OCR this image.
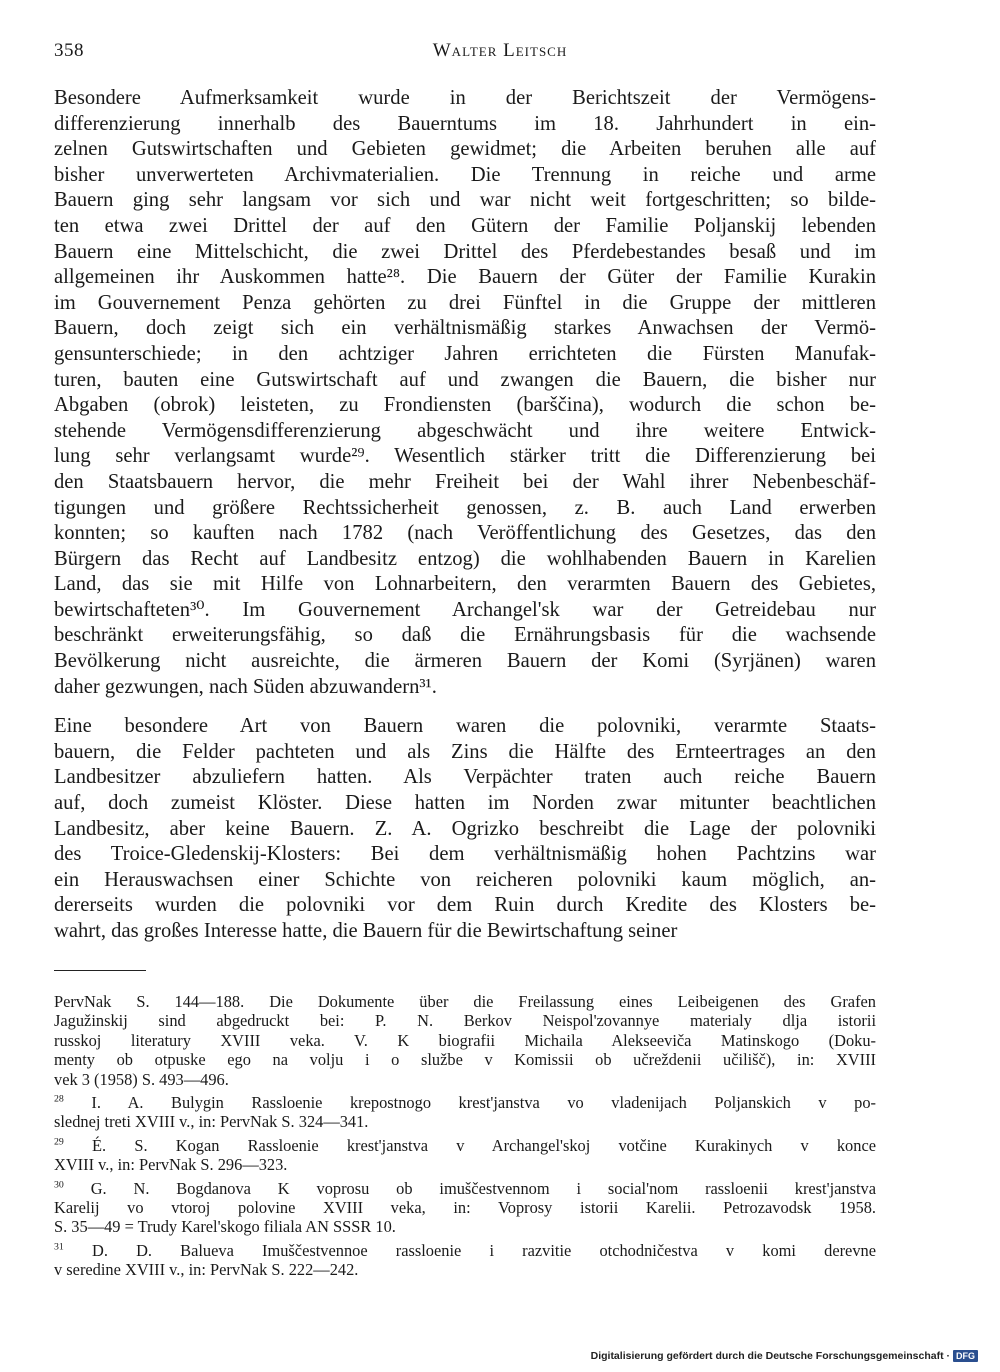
358	Walter Leitsch

Besondere Aufmerksamkeit wurde in der Berichtszeit der Vermögens-
differenzierung innerhalb des Bauerntums im 18. Jahrhundert in ein-
zelnen Gutswirtschaften und Gebieten gewidmet; die Arbeiten beruhen alle auf
bisher unverwerteten Archivmaterialien. Die Trennung in reiche und arme
Bauern ging sehr langsam vor sich und war nicht weit fortgeschritten; so bilde-
ten etwa zwei Drittel der auf den Gütern der Familie Poljanskij lebenden
Bauern eine Mittelschicht, die zwei Drittel des Pferdebestandes besaß und im
allgemeinen ihr Auskommen hatte²⁸. Die Bauern der Güter der Familie Kurakin
im Gouvernement Penza gehörten zu drei Fünftel in die Gruppe der mittleren
Bauern, doch zeigt sich ein verhältnismäßig starkes Anwachsen der Vermö-
gensunterschiede; in den achtziger Jahren errichteten die Fürsten Manufak-
turen, bauten eine Gutswirtschaft auf und zwangen die Bauern, die bisher nur
Abgaben (obrok) leisteten, zu Frondiensten (barščina), wodurch die schon be-
stehende Vermögensdifferenzierung abgeschwächt und ihre weitere Entwick-
lung sehr verlangsamt wurde²⁹. Wesentlich stärker tritt die Differenzierung bei
den Staatsbauern hervor, die mehr Freiheit bei der Wahl ihrer Nebenbeschäf-
tigungen und größere Rechtssicherheit genossen, z. B. auch Land erwerben
konnten; so kauften nach 1782 (nach Veröffentlichung des Gesetzes, das den
Bürgern das Recht auf Landbesitz entzog) die wohlhabenden Bauern in Karelien
Land, das sie mit Hilfe von Lohnarbeitern, den verarmten Bauern des Gebietes,
bewirtschafteten³⁰. Im Gouvernement Archangel'sk war der Getreidebau nur
beschränkt erweiterungsfähig, so daß die Ernährungsbasis für die wachsende
Bevölkerung nicht ausreichte, die ärmeren Bauern der Komi (Syrjänen) waren
daher gezwungen, nach Süden abzuwandern³¹.

Eine besondere Art von Bauern waren die polovniki, verarmte Staats-
bauern, die Felder pachteten und als Zins die Hälfte des Ernteertrages an den
Landbesitzer abzuliefern hatten. Als Verpächter traten auch reiche Bauern
auf, doch zumeist Klöster. Diese hatten im Norden zwar mitunter beachtlichen
Landbesitz, aber keine Bauern. Z. A. Ogrizko beschreibt die Lage der polovniki
des Troice-Gledenskij-Klosters: Bei dem verhältnismäßig hohen Pachtzins war
ein Herauswachsen einer Schichte von reicheren polovniki kaum möglich, an-
dererseits wurden die polovniki vor dem Ruin durch Kredite des Klosters be-
wahrt, das großes Interesse hatte, die Bauern für die Bewirtschaftung seiner

PervNak S. 144—188. Die Dokumente über die Freilassung eines Leibeigenen des Grafen
Jagužinskij sind abgedruckt bei: P. N. Berkov Neispol'zovannye materialy dlja istorii
russkoj literatury XVIII veka. V. K biografii Michaila Alekseeviča Matinskogo (Doku-
menty ob otpuske ego na volju i o službe v Komissii ob učreždenii učilišč), in: XVIII
vek 3 (1958) S. 493—496.
$^{28}$ I. A. Bulygin Rassloenie krepostnogo krest'janstva vo vladenijach Poljanskich v po-
slednej treti XVIII v., in: PervNak S. 324—341.
$^{29}$ É. S. Kogan Rassloenie krest'janstva v Archangel'skoj votčine Kurakinych v konce
XVIII v., in: PervNak S. 296—323.
$^{30}$ G. N. Bogdanova K voprosu ob imuščestvennom i social'nom rassloenii krest'janstva
Karelij vo vtoroj polovine XVIII veka, in: Voprosy istorii Karelii. Petrozavodsk 1958.
S. 35—49 = Trudy Karel'skogo filiala AN SSSR 10.
$^{31}$ D. D. Balueva Imuščestvennoe rassloenie i razvitie otchodničestva v komi derevne
v seredine XVIII v., in: PervNak S. 222—242.
Digitalisierung gefördert durch die Deutsche Forschungsgemeinschaft · DFG
